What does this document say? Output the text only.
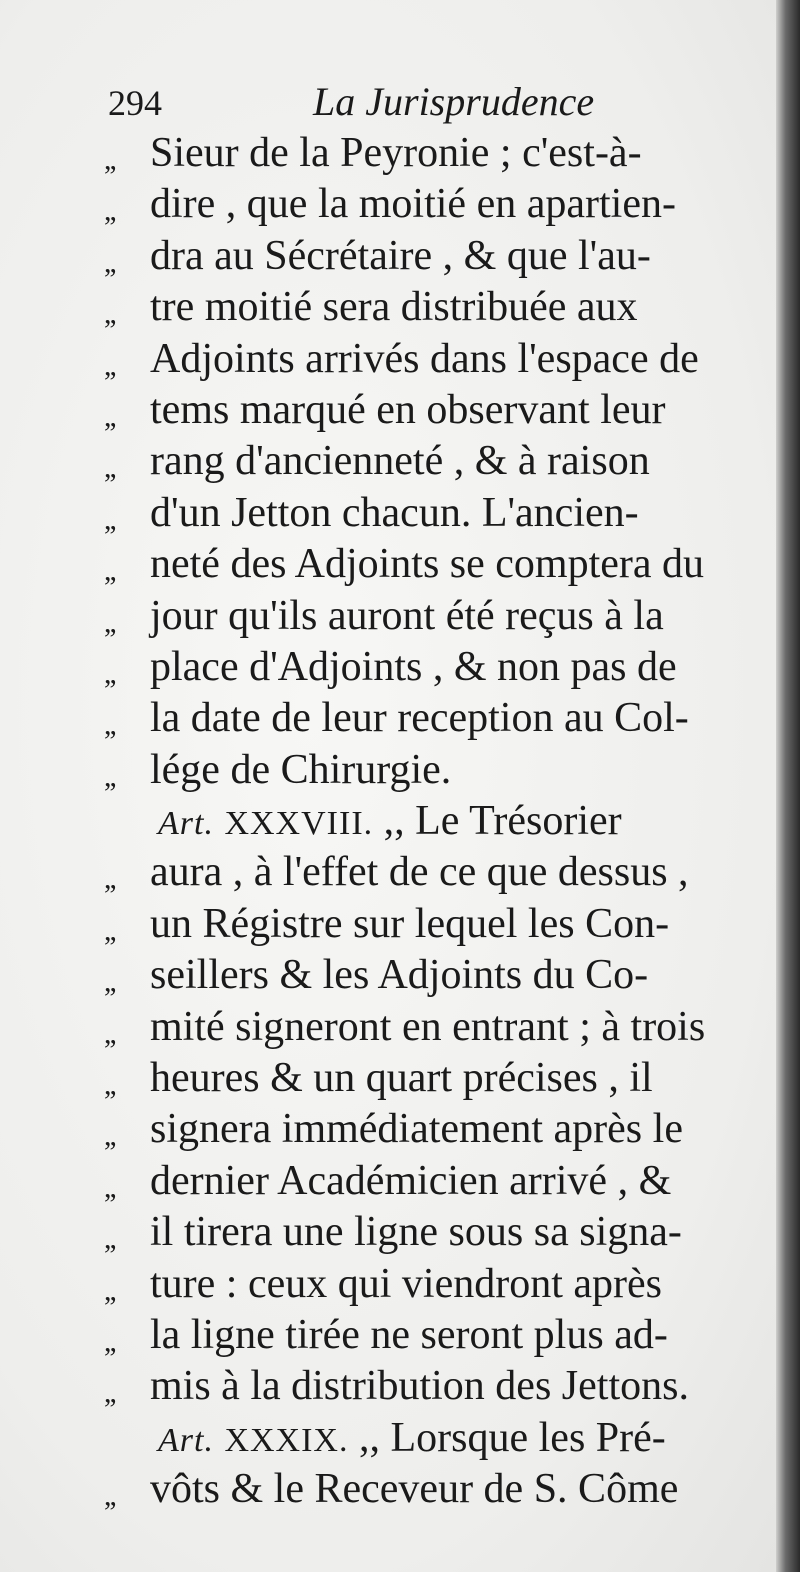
294	La Jurisprudence
,, Sieur de la Peyronie ; c'est-à-
,, dire , que la moitié en apartien-
,, dra au Sécrétaire , & que l'au-
,, tre moitié sera distribuée aux
,, Adjoints arrivés dans l'espace de
,, tems marqué en observant leur
,, rang d'ancienneté , & à raison
,, d'un Jetton chacun. L'ancien-
,, neté des Adjoints se comptera du
,, jour qu'ils auront été reçus à la
,, place d'Adjoints , & non pas de
,, la date de leur reception au Col-
,, lége de Chirurgie.
Art. XXXVIII. ,, Le Trésorier
,, aura , à l'effet de ce que dessus ,
,, un Régistre sur lequel les Con-
,, seillers & les Adjoints du Co-
,, mité signeront en entrant ; à trois
,, heures & un quart précises , il
,, signera immédiatement après le
,, dernier Académicien arrivé , &
,, il tirera une ligne sous sa signa-
,, ture : ceux qui viendront après
,, la ligne tirée ne seront plus ad-
,, mis à la distribution des Jettons.
Art. XXXIX. ,, Lorsque les Pré-
,, vôts & le Receveur de S. Côme
